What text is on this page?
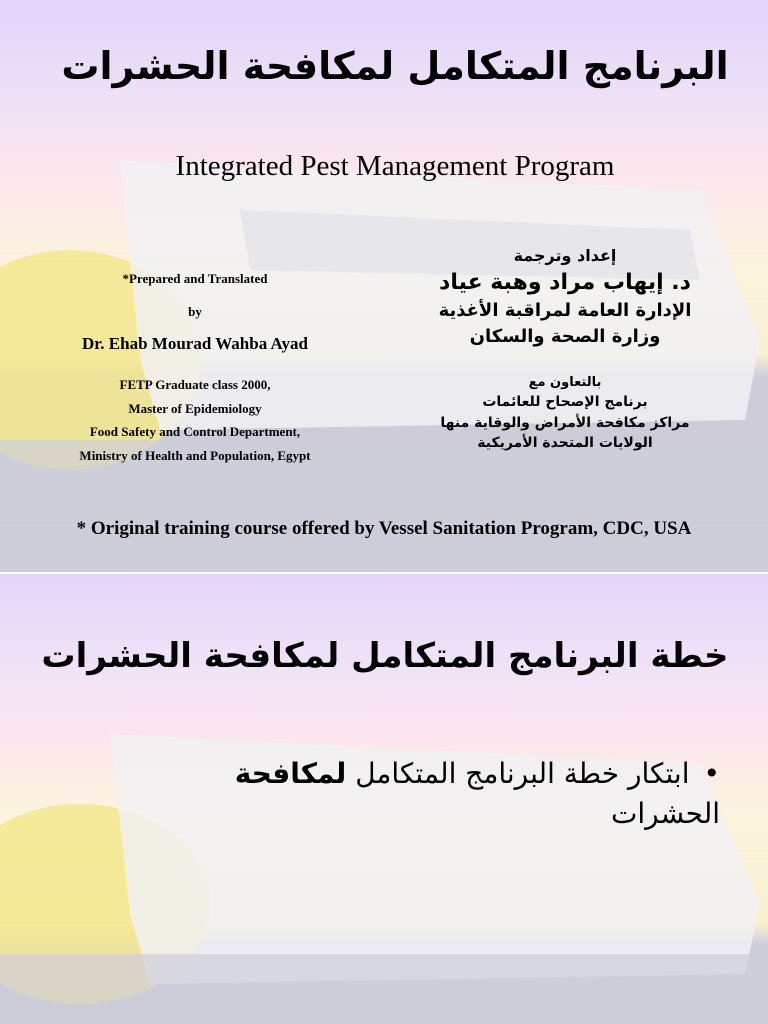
البرنامج المتكامل لمكافحة الحشرات
Integrated Pest Management Program
إعداد وترجمة
د. إيهاب مراد وهبة عياد
الإدارة العامة لمراقبة الأغذية
وزارة الصحة والسكان
*Prepared and Translated
by
Dr. Ehab Mourad Wahba Ayad
FETP Graduate class 2000,
Master of Epidemiology
Food Safety and Control Department,
Ministry of Health and Population, Egypt
بالتعاون مع
برنامج الإصحاح للعائمات
مراكز مكافحة الأمراض والوقاية منها
الولايات المتحدة الأمريكية
* Original training course offered by Vessel Sanitation Program, CDC, USA
خطة البرنامج المتكامل لمكافحة الحشرات
•ابتكار خطة البرنامج المتكامل لمكافحة الحشرات
